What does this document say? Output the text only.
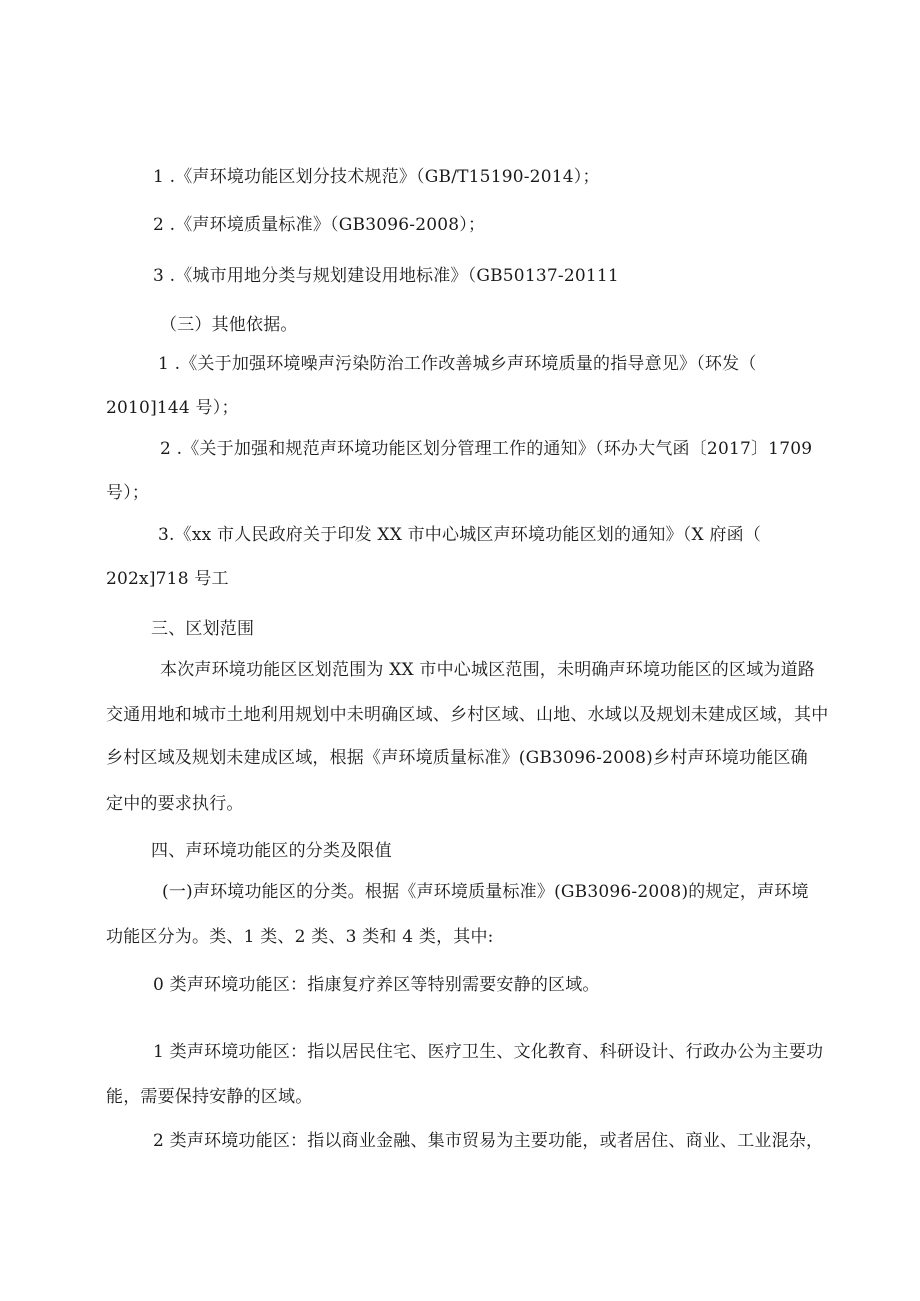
1 .《声环境功能区划分技术规范》（GB/T15190-2014）；
2 .《声环境质量标准》（GB3096-2008）；
3 .《城市用地分类与规划建设用地标准》（GB50137-20111
（三）其他依据。
1 .《关于加强环境噪声污染防治工作改善城乡声环境质量的指导意见》（环发（
2010]144 号）；
2 .《关于加强和规范声环境功能区划分管理工作的通知》（环办大气函〔2017〕1709
号）；
3.《xx 市人民政府关于印发 XX 市中心城区声环境功能区划的通知》（X 府函（
202x]718 号工
三、区划范围
本次声环境功能区区划范围为 XX 市中心城区范围，未明确声环境功能区的区域为道路
交通用地和城市土地利用规划中未明确区域、乡村区域、山地、水域以及规划未建成区域，其中
乡村区域及规划未建成区域，根据《声环境质量标准》(GB3096-2008)乡村声环境功能区确
定中的要求执行。
四、声环境功能区的分类及限值
(一)声环境功能区的分类。根据《声环境质量标准》(GB3096-2008)的规定，声环境
功能区分为。类、1 类、2 类、3 类和 4 类，其中:
0 类声环境功能区：指康复疗养区等特别需要安静的区域。
1 类声环境功能区：指以居民住宅、医疗卫生、文化教育、科研设计、行政办公为主要功
能，需要保持安静的区域。
2 类声环境功能区：指以商业金融、集市贸易为主要功能，或者居住、商业、工业混杂，
